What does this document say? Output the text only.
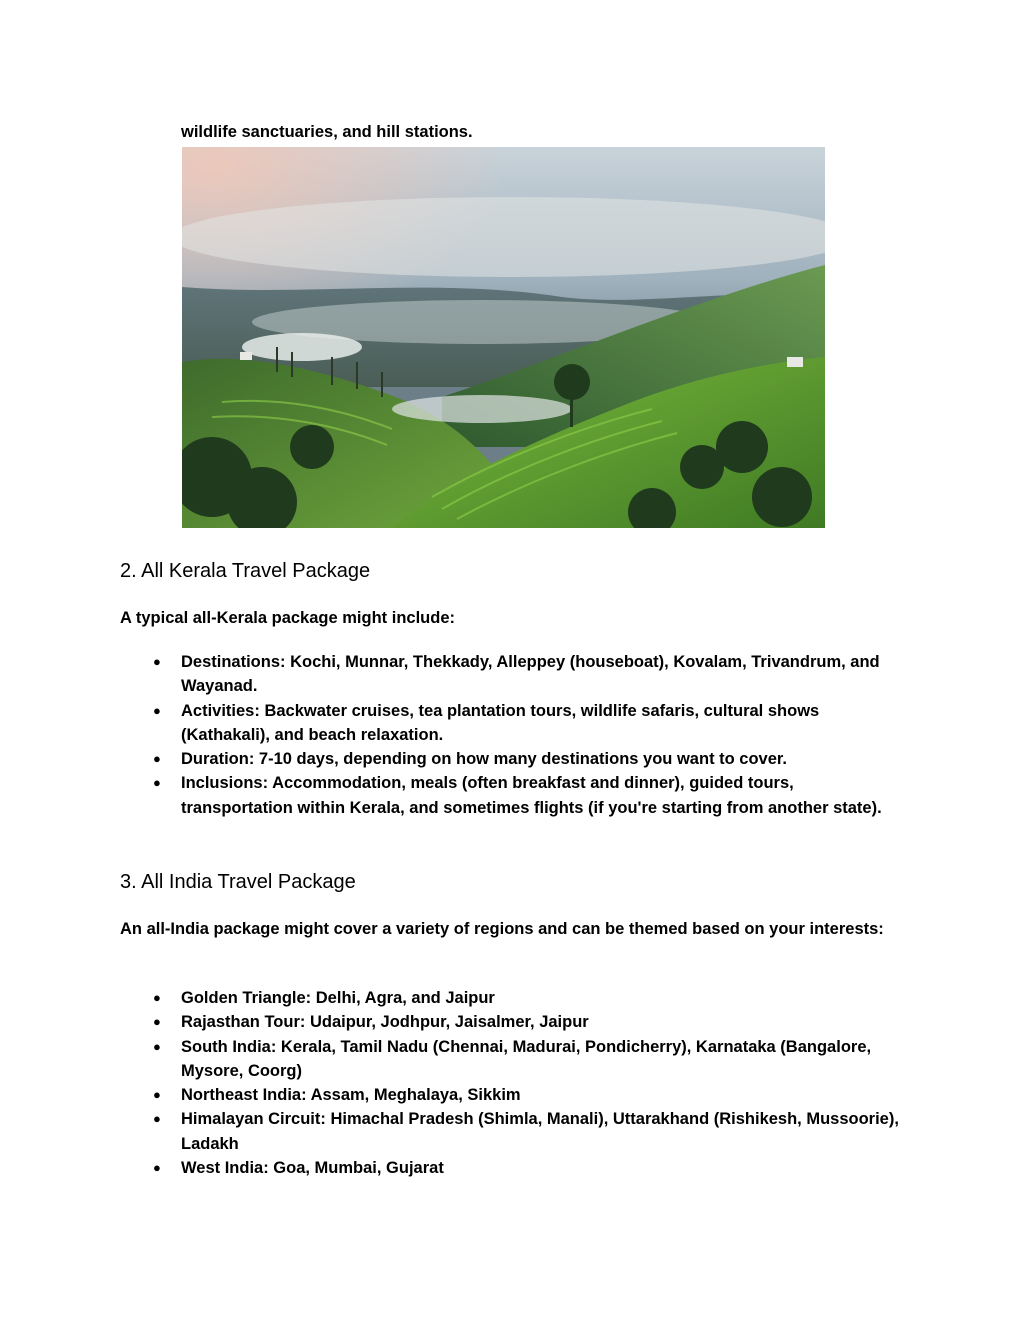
wildlife sanctuaries, and hill stations.

2. All Kerala Travel Package

A typical all-Kerala package might include:

● Destinations: Kochi, Munnar, Thekkady, Alleppey (houseboat), Kovalam, Trivandrum, and Wayanad.
● Activities: Backwater cruises, tea plantation tours, wildlife safaris, cultural shows (Kathakali), and beach relaxation.
● Duration: 7-10 days, depending on how many destinations you want to cover.
● Inclusions: Accommodation, meals (often breakfast and dinner), guided tours, transportation within Kerala, and sometimes flights (if you're starting from another state).
3. All India Travel Package

An all-India package might cover a variety of regions and can be themed based on your interests:

● Golden Triangle: Delhi, Agra, and Jaipur
● Rajasthan Tour: Udaipur, Jodhpur, Jaisalmer, Jaipur
● South India: Kerala, Tamil Nadu (Chennai, Madurai, Pondicherry), Karnataka (Bangalore, Mysore, Coorg)
● Northeast India: Assam, Meghalaya, Sikkim
● Himalayan Circuit: Himachal Pradesh (Shimla, Manali), Uttarakhand (Rishikesh, Mussoorie), Ladakh
● West India: Goa, Mumbai, Gujarat
